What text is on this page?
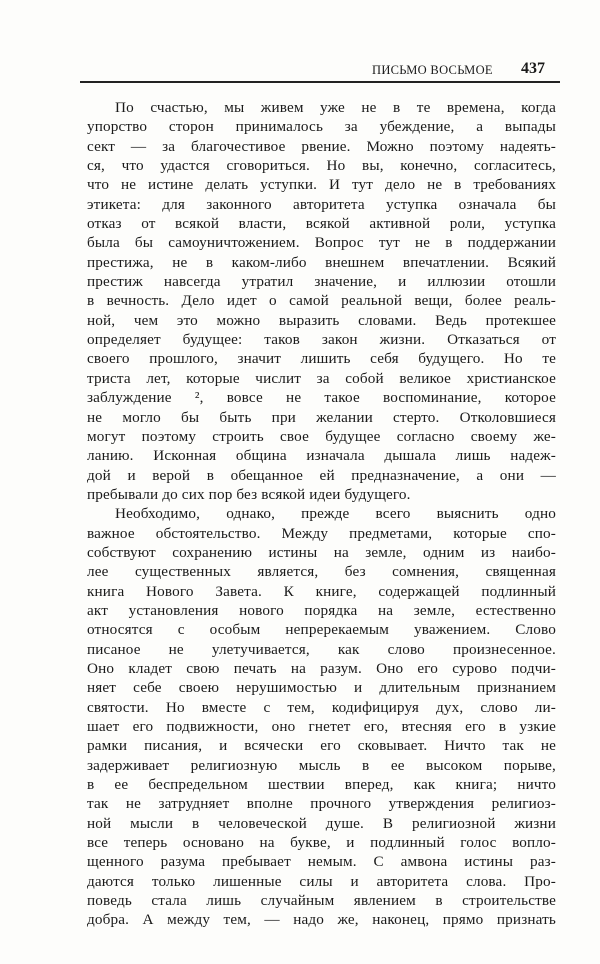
ПИСЬМО ВОСЬМОЕ 437
По счастью, мы живем уже не в те времена, когда
упорство сторон принималось за убеждение, а выпады
сект — за благочестивое рвение. Можно поэтому надеять-
ся, что удастся сговориться. Но вы, конечно, согласитесь,
что не истине делать уступки. И тут дело не в требованиях
этикета: для законного авторитета уступка означала бы
отказ от всякой власти, всякой активной роли, уступка
была бы самоуничтожением. Вопрос тут не в поддержании
престижа, не в каком-либо внешнем впечатлении. Всякий
престиж навсегда утратил значение, и иллюзии отошли
в вечность. Дело идет о самой реальной вещи, более реаль-
ной, чем это можно выразить словами. Ведь протекшее
определяет будущее: таков закон жизни. Отказаться от
своего прошлого, значит лишить себя будущего. Но те
триста лет, которые числит за собой великое христианское
заблуждение ², вовсе не такое воспоминание, которое
не могло бы быть при желании стерто. Отколовшиеся
могут поэтому строить свое будущее согласно своему же-
ланию. Исконная община изначала дышала лишь надеж-
дой и верой в обещанное ей предназначение, а они —
пребывали до сих пор без всякой идеи будущего.
Необходимо, однако, прежде всего выяснить одно
важное обстоятельство. Между предметами, которые спо-
собствуют сохранению истины на земле, одним из наибо-
лее существенных является, без сомнения, священная
книга Нового Завета. К книге, содержащей подлинный
акт установления нового порядка на земле, естественно
относятся с особым непререкаемым уважением. Слово
писаное не улетучивается, как слово произнесенное.
Оно кладет свою печать на разум. Оно его сурово подчи-
няет себе своею нерушимостью и длительным признанием
святости. Но вместе с тем, кодифицируя дух, слово ли-
шает его подвижности, оно гнетет его, втесняя его в узкие
рамки писания, и всячески его сковывает. Ничто так не
задерживает религиозную мысль в ее высоком порыве,
в ее беспредельном шествии вперед, как книга; ничто
так не затрудняет вполне прочного утверждения религиоз-
ной мысли в человеческой душе. В религиозной жизни
все теперь основано на букве, и подлинный голос вопло-
щенного разума пребывает немым. С амвона истины раз-
даются только лишенные силы и авторитета слова. Про-
поведь стала лишь случайным явлением в строительстве
добра. А между тем, — надо же, наконец, прямо признать
